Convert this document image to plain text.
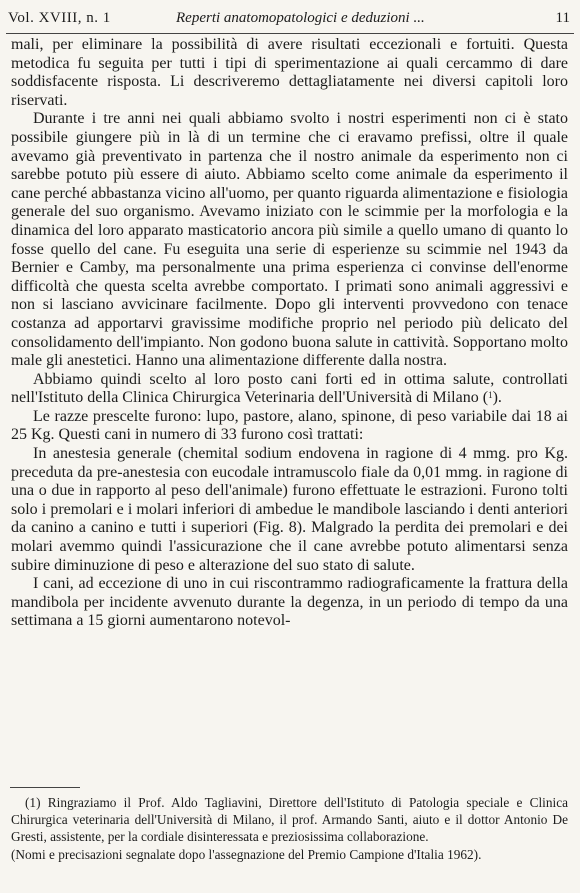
Vol. XVIII, n. 1	Reperti anatomopatologici e deduzioni ...	11

mali, per eliminare la possibilità di avere risultati eccezionali e fortuiti. Questa metodica fu seguita per tutti i tipi di sperimentazione ai quali cercammo di dare soddisfacente risposta. Li descriveremo dettagliatamente nei diversi capitoli loro riservati.

Durante i tre anni nei quali abbiamo svolto i nostri esperimenti non ci è stato possibile giungere più in là di un termine che ci eravamo prefissi, oltre il quale avevamo già preventivato in partenza che il nostro animale da esperimento non ci sarebbe potuto più essere di aiuto. Abbiamo scelto come animale da esperimento il cane perché abbastanza vicino all'uomo, per quanto riguarda alimentazione e fisiologia generale del suo organismo. Avevamo iniziato con le scimmie per la morfologia e la dinamica del loro apparato masticatorio ancora più simile a quello umano di quanto lo fosse quello del cane. Fu eseguita una serie di esperienze su scimmie nel 1943 da Bernier e Camby, ma personalmente una prima esperienza ci convinse dell'enorme difficoltà che questa scelta avrebbe comportato. I primati sono animali aggressivi e non si lasciano avvicinare facilmente. Dopo gli interventi provvedono con tenace costanza ad apportarvi gravissime modifiche proprio nel periodo più delicato del consolidamento dell'impianto. Non godono buona salute in cattività. Sopportano molto male gli anestetici. Hanno una alimentazione differente dalla nostra.

Abbiamo quindi scelto al loro posto cani forti ed in ottima salute, controllati nell'Istituto della Clinica Chirurgica Veterinaria dell'Università di Milano ($^1$).

Le razze prescelte furono: lupo, pastore, alano, spinone, di peso variabile dai 18 ai 25 Kg. Questi cani in numero di 33 furono così trattati:

In anestesia generale (chemital sodium endovena in ragione di 4 mmg. pro Kg. preceduta da pre-anestesia con eucodale intramuscolo fiale da 0,01 mmg. in ragione di una o due in rapporto al peso dell'animale) furono effettuate le estrazioni. Furono tolti solo i premolari e i molari inferiori di ambedue le mandibole lasciando i denti anteriori da canino a canino e tutti i superiori (Fig. 8). Malgrado la perdita dei premolari e dei molari avemmo quindi l'assicurazione che il cane avrebbe potuto alimentarsi senza subire diminuzione di peso e alterazione del suo stato di salute.

I cani, ad eccezione di uno in cui riscontrammo radiograficamente la frattura della mandibola per incidente avvenuto durante la degenza, in un periodo di tempo da una settimana a 15 giorni aumentarono notevol-

(1) Ringraziamo il Prof. Aldo Tagliavini, Direttore dell'Istituto di Patologia speciale e Clinica Chirurgica veterinaria dell'Università di Milano, il prof. Armando Santi, aiuto e il dottor Antonio De Gresti, assistente, per la cordiale disinteressata e preziosissima collaborazione.

(Nomi e precisazioni segnalate dopo l'assegnazione del Premio Campione d'Italia 1962).
